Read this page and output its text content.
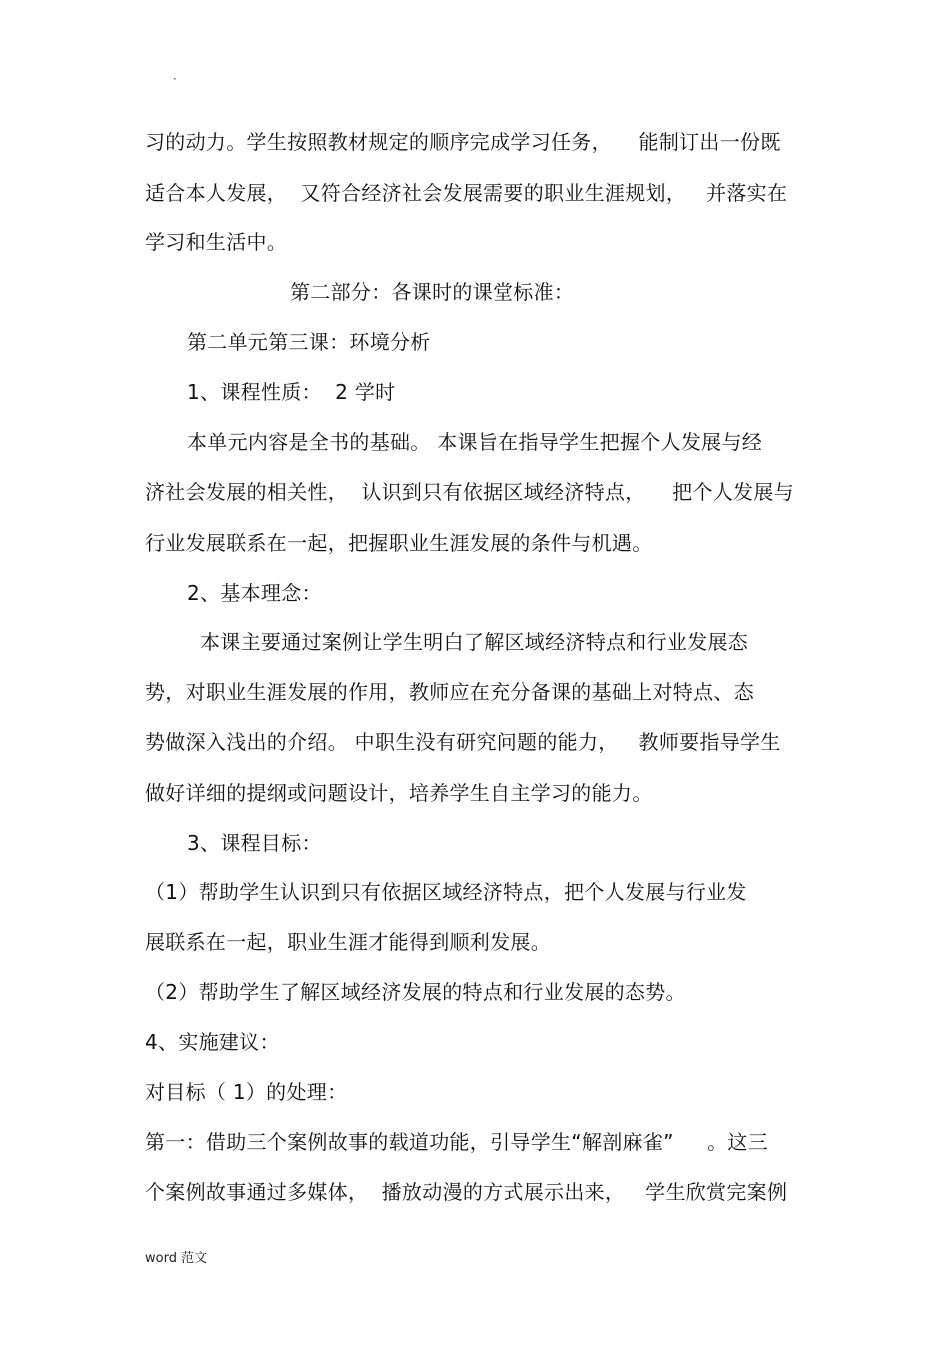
·
习的动力。学生按照教材规定的顺序完成学习任务，    能制订出一份既
适合本人发展，  又符合经济社会发展需要的职业生涯规划，   并落实在
学习和生活中。
第二部分：各课时的课堂标准：
第二单元第三课：环境分析
1、课程性质：  2 学时
本单元内容是全书的基础。 本课旨在指导学生把握个人发展与经
济社会发展的相关性，  认识到只有依据区域经济特点，    把个人发展与
行业发展联系在一起，把握职业生涯发展的条件与机遇。
2、基本理念：
本课主要通过案例让学生明白了解区域经济特点和行业发展态
势，对职业生涯发展的作用，教师应在充分备课的基础上对特点、态
势做深入浅出的介绍。 中职生没有研究问题的能力，   教师要指导学生
做好详细的提纲或问题设计，培养学生自主学习的能力。
3、课程目标：
（1）帮助学生认识到只有依据区域经济特点，把个人发展与行业发
展联系在一起，职业生涯才能得到顺利发展。
（2）帮助学生了解区域经济发展的特点和行业发展的态势。
4、实施建议：
对目标（ 1）的处理：
第一：借助三个案例故事的载道功能，引导学生“解剖麻雀”     。这三
个案例故事通过多媒体，  播放动漫的方式展示出来，   学生欣赏完案例
word 范文
